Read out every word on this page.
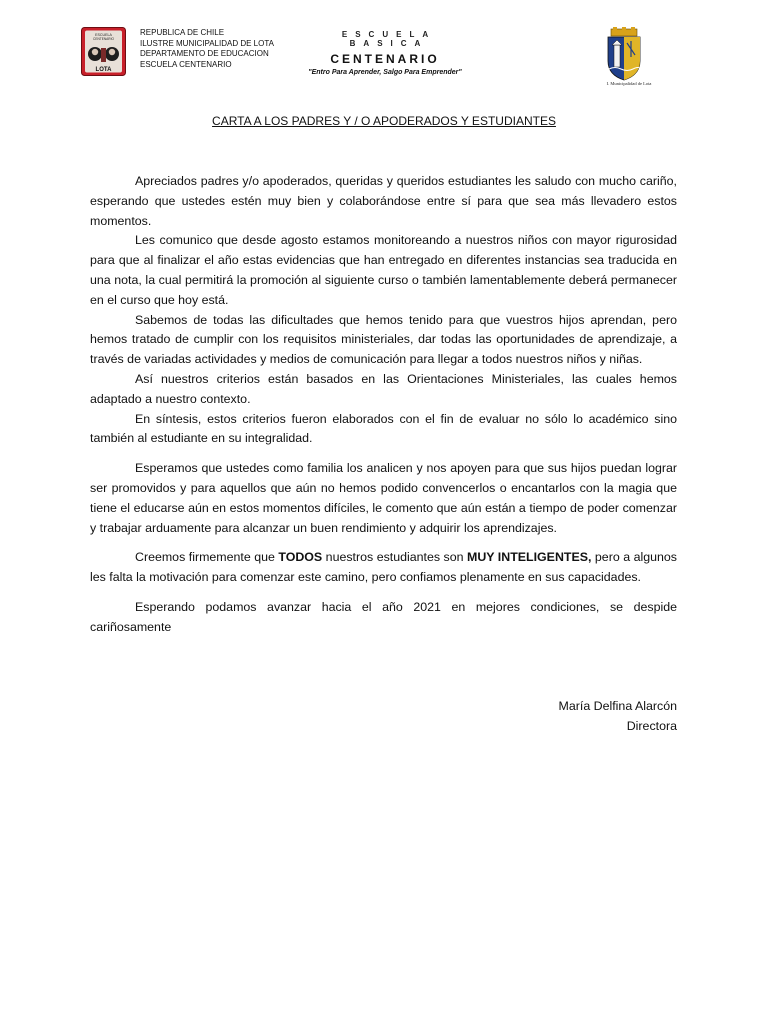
ESCUELA
CENTENARIO
LOTA
REPUBLICA DE CHILE
ILUSTRE MUNICIPALIDAD DE LOTA
DEPARTAMENTO DE EDUCACION
ESCUELA CENTENARIO
ESCUELA BASICA
CENTENARIO
"Entro Para Aprender, Salgo Para Emprender"
I. Municipalidad de Lota
CARTA A LOS PADRES Y / O APODERADOS Y ESTUDIANTES

Apreciados padres y/o apoderados, queridas y queridos estudiantes les saludo con mucho cariño, esperando que ustedes estén muy bien y colaborándose entre sí para que sea más llevadero estos momentos.

Les comunico que desde agosto estamos monitoreando a nuestros niños con mayor rigurosidad para que al finalizar el año estas evidencias que han entregado en diferentes instancias sea traducida en una nota, la cual permitirá la promoción al siguiente curso o también lamentablemente deberá permanecer en el curso que hoy está.

Sabemos de todas las dificultades que hemos tenido para que vuestros hijos aprendan, pero hemos tratado de cumplir con los requisitos ministeriales, dar todas las oportunidades de aprendizaje, a través de variadas actividades y medios de comunicación para llegar a todos nuestros niños y niñas.

Así nuestros criterios están basados en las Orientaciones Ministeriales, las cuales hemos adaptado a nuestro contexto.

En síntesis, estos criterios fueron elaborados con el fin de evaluar no sólo lo académico sino también al estudiante en su integralidad.

Esperamos que ustedes como familia los analicen y nos apoyen para que sus hijos puedan lograr ser promovidos y para aquellos que aún no hemos podido convencerlos o encantarlos con la magia que tiene el educarse aún en estos momentos difíciles, le comento que aún están a tiempo de poder comenzar y trabajar arduamente para alcanzar un buen rendimiento y adquirir los aprendizajes.

Creemos firmemente que TODOS nuestros estudiantes son MUY INTELIGENTES, pero a algunos les falta la motivación para comenzar este camino, pero confiamos plenamente en sus capacidades.

Esperando podamos avanzar hacia el año 2021 en mejores condiciones, se despide cariñosamente

María Delfina Alarcón
Directora
